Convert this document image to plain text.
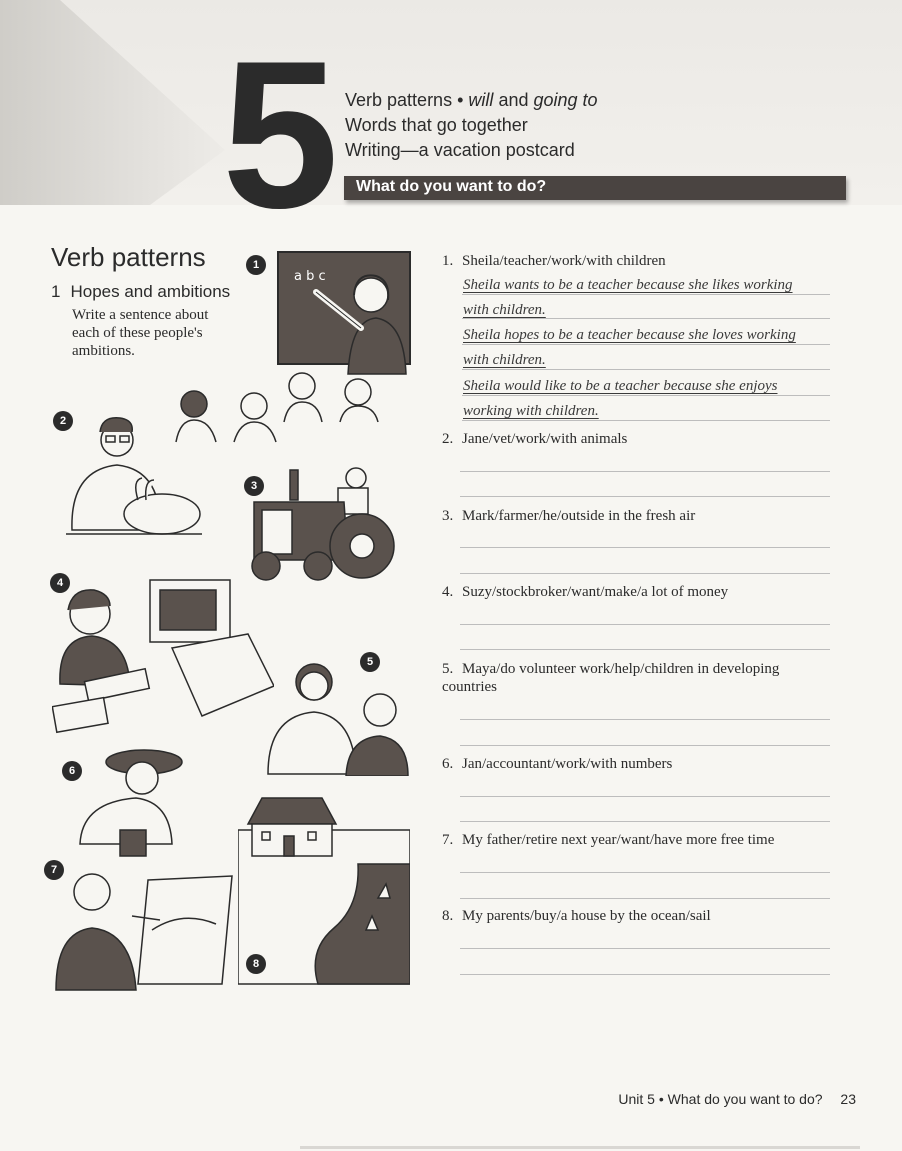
5 Verb patterns • will and going to
Words that go together
Writing—a vacation postcard
What do you want to do?
Verb patterns
1 Hopes and ambitions
Write a sentence about each of these people's ambitions.
1
a b c
2
3
4
5
6
7
8
1. Sheila/teacher/work/with children
Sheila wants to be a teacher because she likes working
with children.
Sheila hopes to be a teacher because she loves working
with children.
Sheila would like to be a teacher because she enjoys
working with children.
2. Jane/vet/work/with animals
3. Mark/farmer/he/outside in the fresh air
4. Suzy/stockbroker/want/make/a lot of money
5. Maya/do volunteer work/help/children in developing countries
6. Jan/accountant/work/with numbers
7. My father/retire next year/want/have more free time
8. My parents/buy/a house by the ocean/sail
Unit 5 • What do you want to do? 23
